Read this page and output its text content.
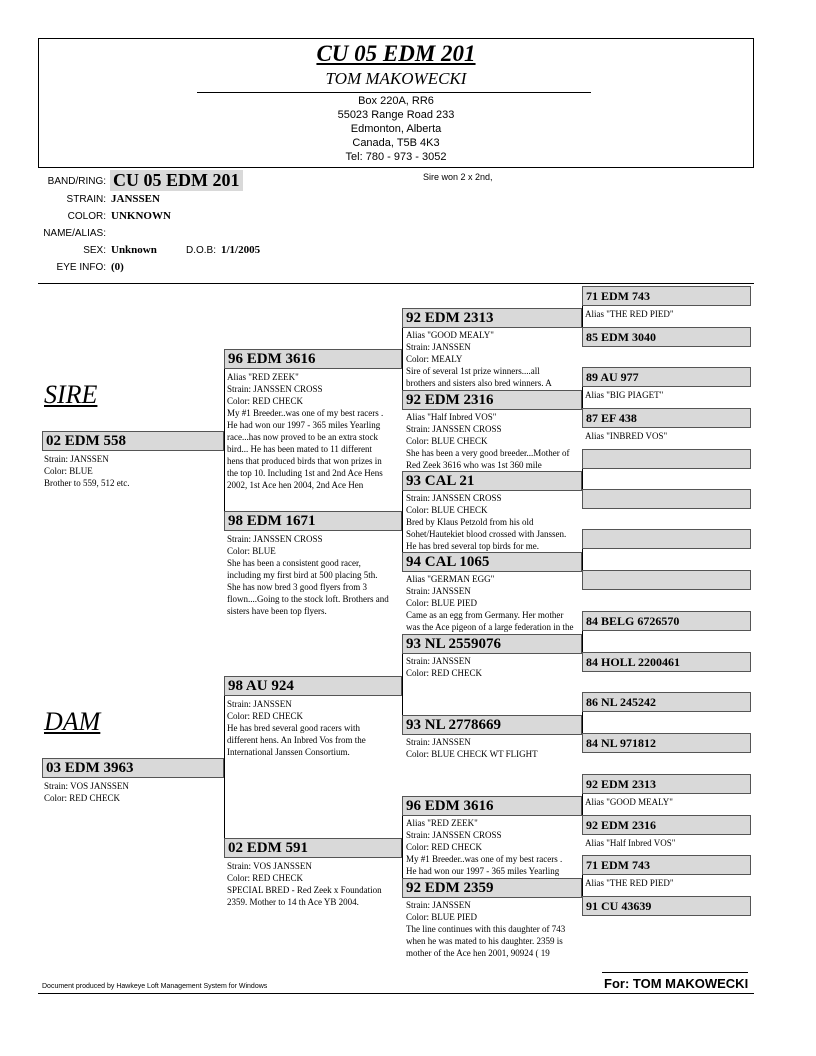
CU 05 EDM 201
TOM MAKOWECKI
Box 220A, RR6
55023 Range Road 233
Edmonton, Alberta
Canada, T5B 4K3
Tel: 780 - 973 - 3052
BAND/RING: CU 05 EDM 201
STRAIN: JANSSEN
COLOR: UNKNOWN
NAME/ALIAS:
SEX: Unknown	D.O.B: 1/1/2005
EYE INFO: (0)
Sire won 2 x 2nd,
SIRE
DAM
02 EDM 558
Strain: JANSSEN
Color: BLUE
Brother to 559, 512 etc.
03 EDM 3963
Strain: VOS JANSSEN
Color: RED CHECK
96 EDM 3616
Alias "RED ZEEK"
Strain: JANSSEN CROSS
Color: RED CHECK
My #1 Breeder..was one of my best racers .
He had won our 1997 - 365 miles Yearling
race...has now proved to be an extra stock
bird... He has been mated to 11 different
hens that produced birds that won prizes in
the top 10. Including 1st and 2nd Ace Hens
2002, 1st Ace hen 2004, 2nd Ace Hen
98 EDM 1671
Strain: JANSSEN CROSS
Color: BLUE
She has been a consistent good racer,
including my first bird at 500 placing 5th.
She has now bred 3 good flyers from 3
flown....Going to the stock loft. Brothers and
sisters have been top flyers.
98 AU 924
Strain: JANSSEN
Color: RED CHECK
He has bred several good racers with
different hens. An Inbred Vos from the
International Janssen Consortium.
02 EDM 591
Strain: VOS JANSSEN
Color: RED CHECK
SPECIAL BRED - Red Zeek x Foundation
2359. Mother to 14 th Ace YB 2004.
92 EDM 2313
Alias "GOOD MEALY"
Strain: JANSSEN
Color: MEALY
Sire of several 1st prize winners....all
brothers and sisters also bred winners. A
92 EDM 2316
Alias "Half Inbred VOS"
Strain: JANSSEN CROSS
Color: BLUE CHECK
She has been a very good breeder...Mother of
Red Zeek 3616 who was 1st 360 mile
93 CAL 21
Strain: JANSSEN CROSS
Color: BLUE CHECK
Bred by Klaus Petzold from his old
Sohet/Hautekiet blood crossed with Janssen.
He has bred several top birds for me.
94 CAL 1065
Alias "GERMAN EGG"
Strain: JANSSEN
Color: BLUE PIED
Came as an egg from Germany. Her mother
was the Ace pigeon of a large federation in the
93 NL 2559076
Strain: JANSSEN
Color: RED CHECK
93 NL 2778669
Strain: JANSSEN
Color: BLUE CHECK WT FLIGHT
96 EDM 3616
Alias "RED ZEEK"
Strain: JANSSEN CROSS
Color: RED CHECK
My #1 Breeder..was one of my best racers .
He had won our 1997 - 365 miles Yearling
92 EDM 2359
Strain: JANSSEN
Color: BLUE PIED
The line continues with this daughter of 743
when he was mated to his daughter. 2359 is
mother of the Ace hen 2001, 90924 ( 19
71 EDM 743
Alias "THE RED PIED"
85 EDM 3040
89 AU 977
Alias "BIG PIAGET"
87 EF 438
Alias "INBRED VOS"
84 BELG 6726570
84 HOLL 2200461
86 NL 245242
84 NL 971812
92 EDM 2313
Alias "GOOD MEALY"
92 EDM 2316
Alias "Half Inbred VOS"
71 EDM 743
Alias "THE RED PIED"
91 CU 43639
Document produced by Hawkeye Loft Management System for Windows	For: TOM MAKOWECKI
